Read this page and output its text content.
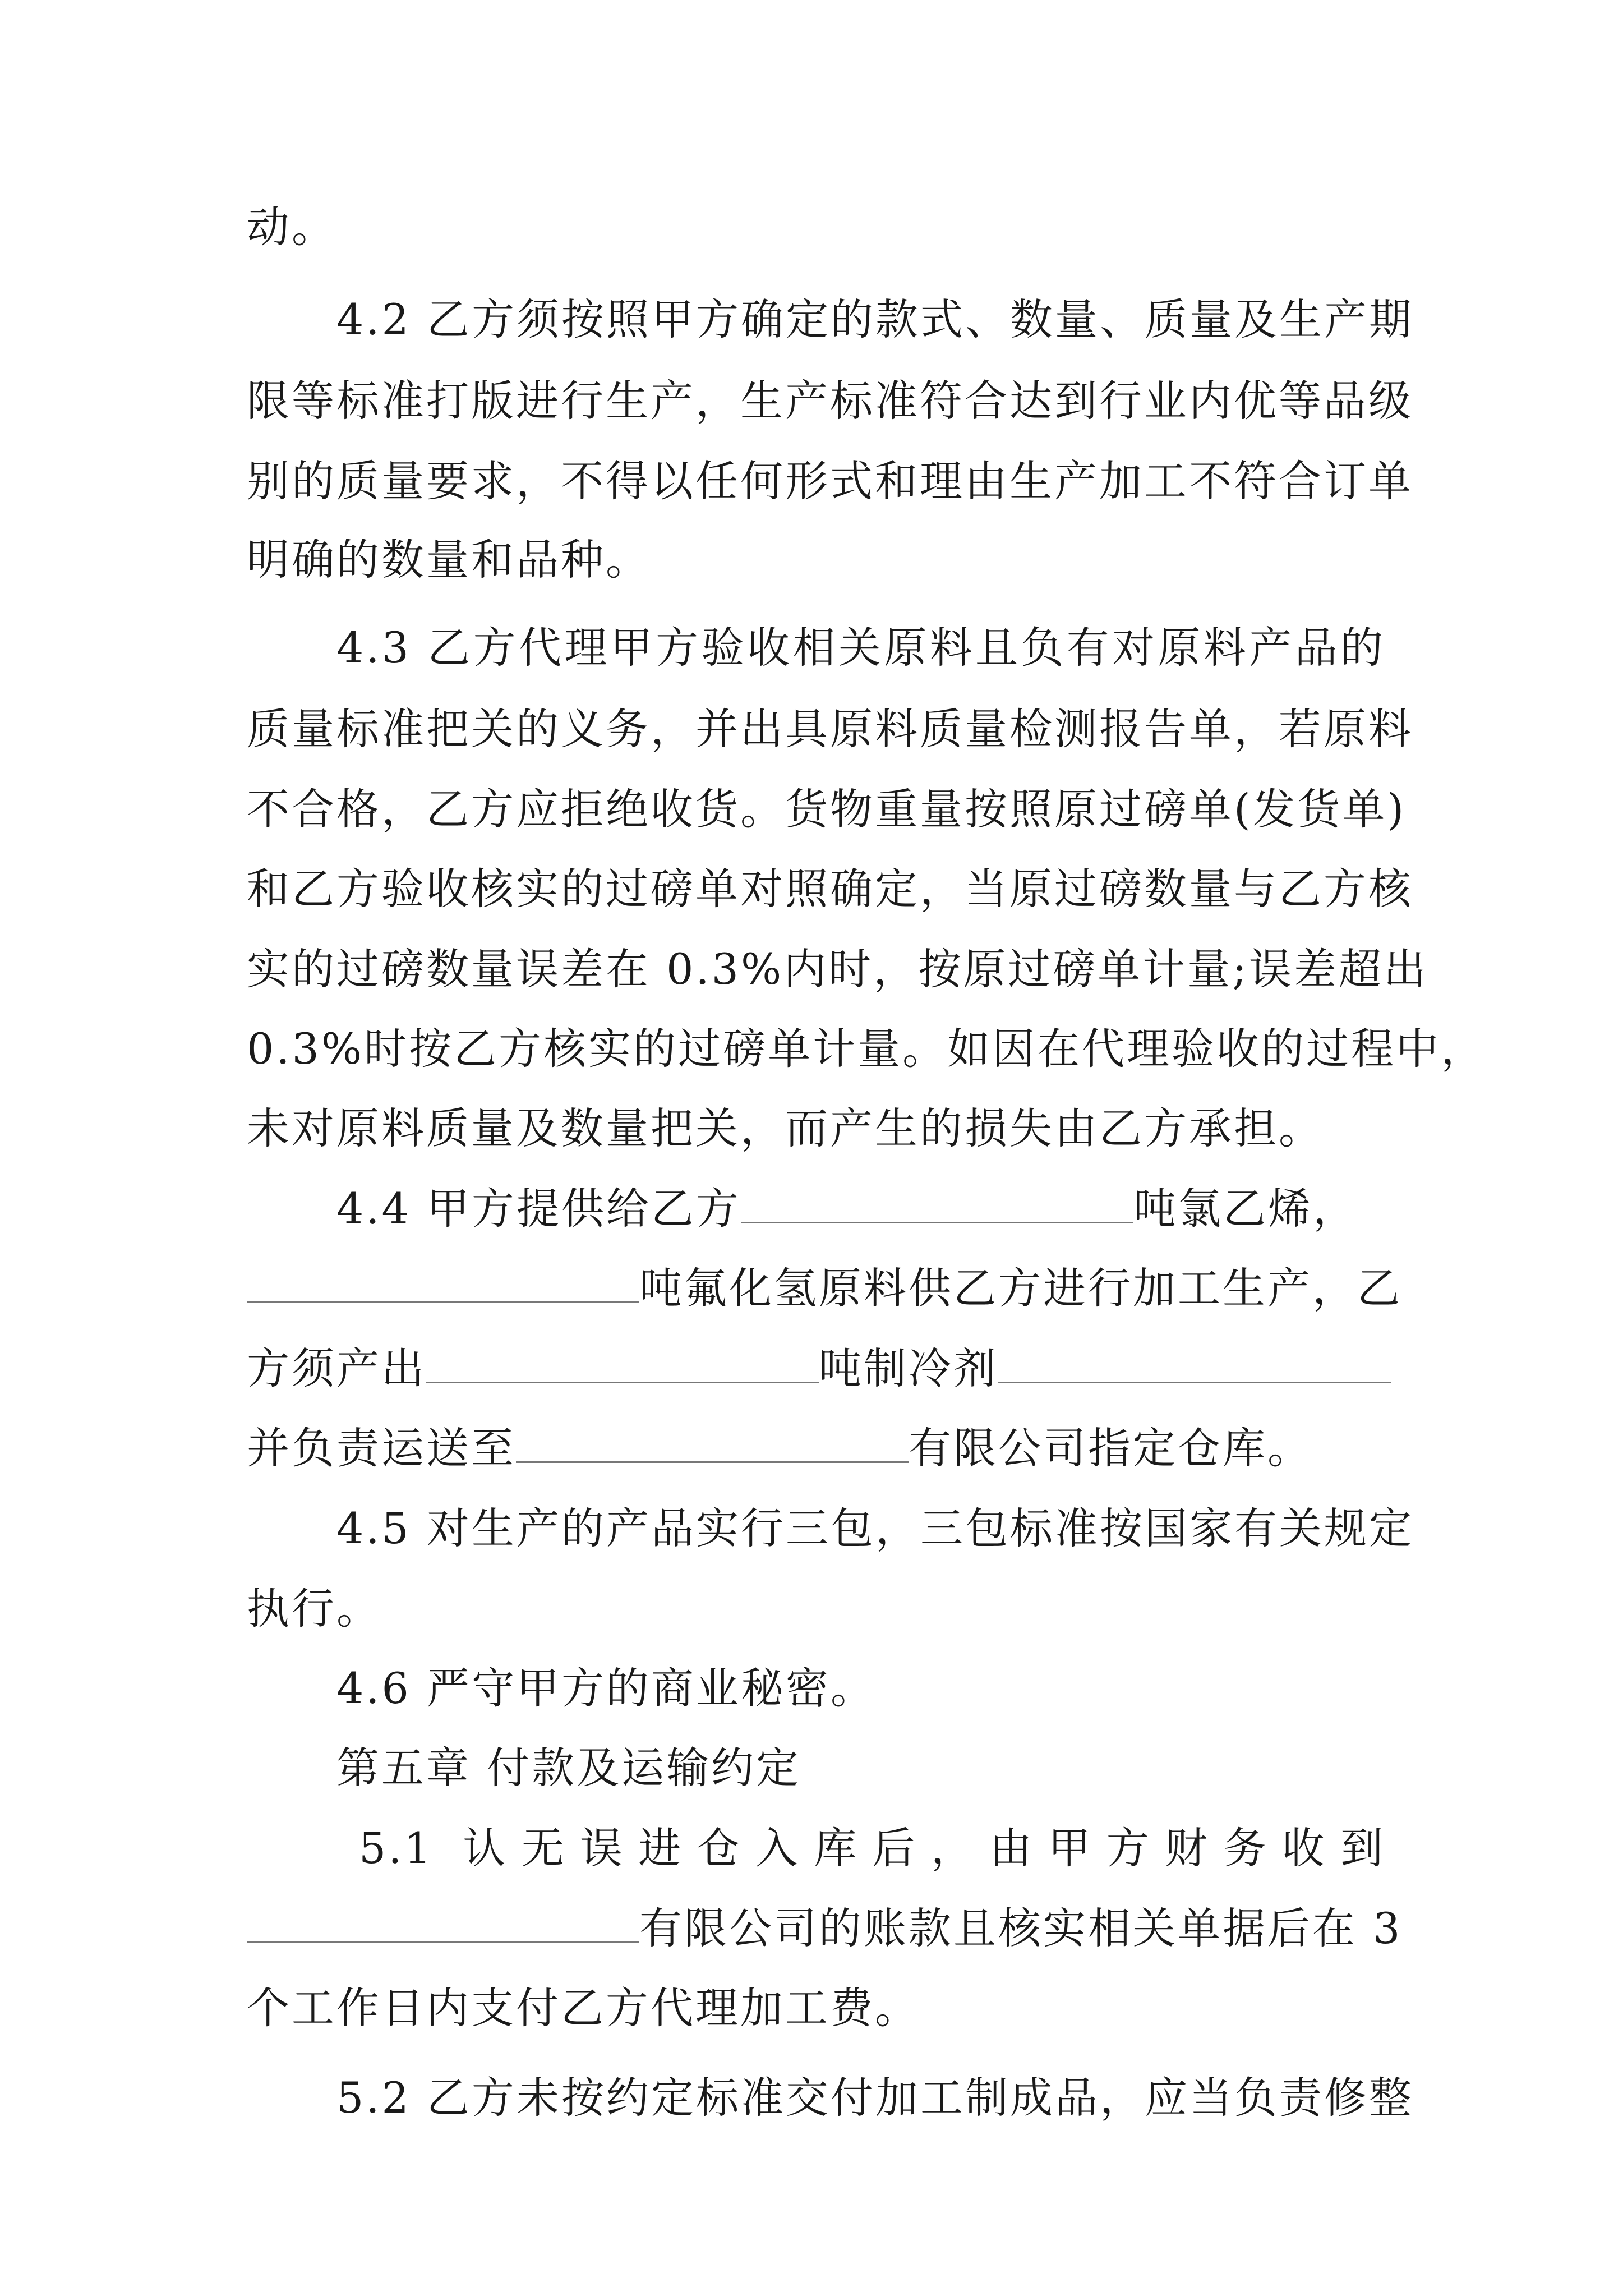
动。
4.2 乙方须按照甲方确定的款式、数量、质量及生产期
限等标准打版进行生产，生产标准符合达到行业内优等品级
别的质量要求，不得以任何形式和理由生产加工不符合订单
明确的数量和品种。
4.3 乙方代理甲方验收相关原料且负有对原料产品的
质量标准把关的义务，并出具原料质量检测报告单，若原料
不合格，乙方应拒绝收货。货物重量按照原过磅单(发货单)
和乙方验收核实的过磅单对照确定，当原过磅数量与乙方核
实的过磅数量误差在 0.3%内时，按原过磅单计量;误差超出
0.3%时按乙方核实的过磅单计量。如因在代理验收的过程中，
未对原料质量及数量把关，而产生的损失由乙方承担。
4.4 甲方提供给乙方	吨氯乙烯，
吨氟化氢原料供乙方进行加工生产，乙
方须产出	吨制冷剂
并负责运送至	有限公司指定仓库。
4.5 对生产的产品实行三包，三包标准按国家有关规定
执行。
4.6 严守甲方的商业秘密。
第五章 付款及运输约定
5.1 认无误进仓入库后，由甲方财务收到
有限公司的账款且核实相关单据后在 3
个工作日内支付乙方代理加工费。
5.2 乙方未按约定标准交付加工制成品，应当负责修整
